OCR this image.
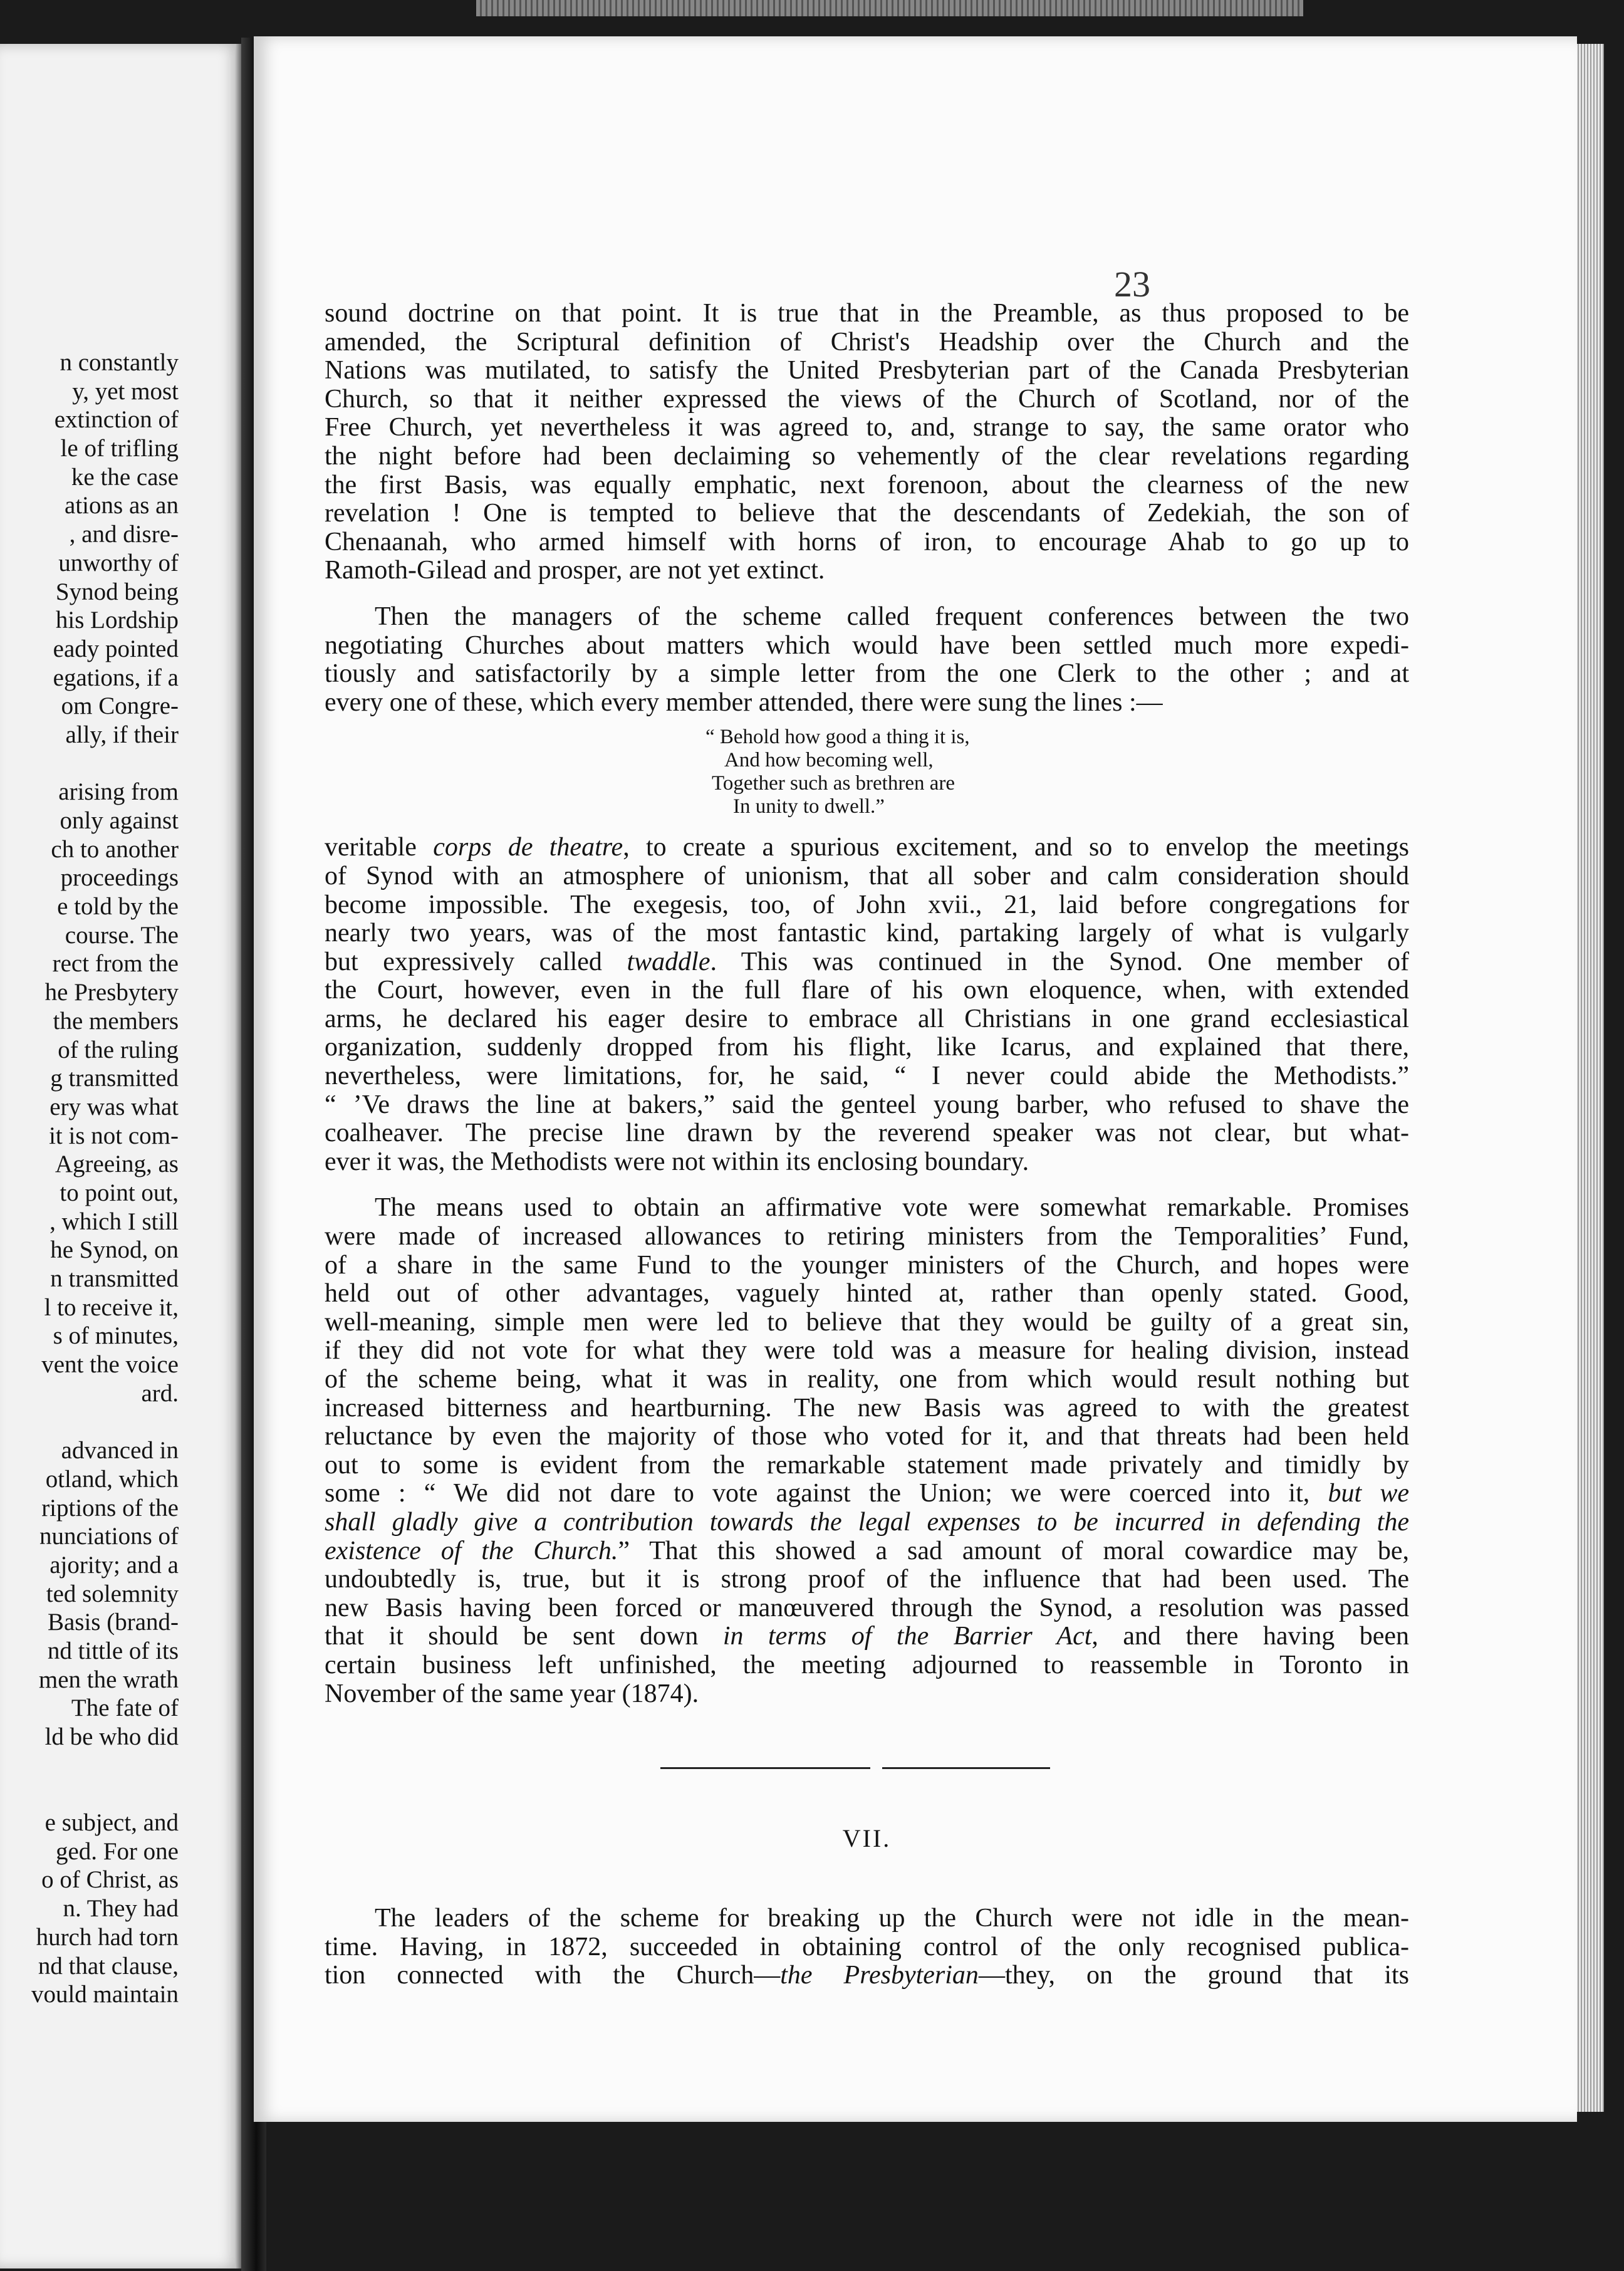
n constantly
y, yet most
extinction of
le of trifling
ke the case
ations as an
, and disre-
unworthy of
Synod being
his Lordship
eady pointed
egations, if a
om Congre-
ally, if their
arising from
only against
ch to another
proceedings
e told by the
course. The
rect from the
he Presbytery
the members
of the ruling
g transmitted
ery was what
it is not com-
Agreeing, as
to point out,
, which I still
he Synod, on
n transmitted
l to receive it,
s of minutes,
vent the voice
ard.
advanced in
otland, which
riptions of the
nunciations of
ajority; and a
ted solemnity
Basis (brand-
nd tittle of its
men the wrath
The fate of
ld be who did
e subject, and
ged. For one
o of Christ, as
n. They had
hurch had torn
nd that clause,
vould maintain
23
sound doctrine on that point. It is true that in the Preamble, as thus proposed to be
amended, the Scriptural definition of Christ's Headship over the Church and the
Nations was mutilated, to satisfy the United Presbyterian part of the Canada Presbyterian
Church, so that it neither expressed the views of the Church of Scotland, nor of the
Free Church, yet nevertheless it was agreed to, and, strange to say, the same orator who
the night before had been declaiming so vehemently of the clear revelations regarding
the first Basis, was equally emphatic, next forenoon, about the clearness of the new
revelation ! One is tempted to believe that the descendants of Zedekiah, the son of
Chenaanah, who armed himself with horns of iron, to encourage Ahab to go up to
Ramoth-Gilead and prosper, are not yet extinct.
Then the managers of the scheme called frequent conferences between the two
negotiating Churches about matters which would have been settled much more expedi-
tiously and satisfactorily by a simple letter from the one Clerk to the other ; and at
every one of these, which every member attended, there were sung the lines :—
“ Behold how good a thing it is,
And how becoming well,
Together such as brethren are
In unity to dwell.”
veritable corps de theatre, to create a spurious excitement, and so to envelop the meetings
of Synod with an atmosphere of unionism, that all sober and calm consideration should
become impossible. The exegesis, too, of John xvii., 21, laid before congregations for
nearly two years, was of the most fantastic kind, partaking largely of what is vulgarly
but expressively called twaddle. This was continued in the Synod. One member of
the Court, however, even in the full flare of his own eloquence, when, with extended
arms, he declared his eager desire to embrace all Christians in one grand ecclesiastical
organization, suddenly dropped from his flight, like Icarus, and explained that there,
nevertheless, were limitations, for, he said, “ I never could abide the Methodists.”
“ ’Ve draws the line at bakers,” said the genteel young barber, who refused to shave the
coalheaver. The precise line drawn by the reverend speaker was not clear, but what-
ever it was, the Methodists were not within its enclosing boundary.
The means used to obtain an affirmative vote were somewhat remarkable. Promises
were made of increased allowances to retiring ministers from the Temporalities’ Fund,
of a share in the same Fund to the younger ministers of the Church, and hopes were
held out of other advantages, vaguely hinted at, rather than openly stated. Good,
well-meaning, simple men were led to believe that they would be guilty of a great sin,
if they did not vote for what they were told was a measure for healing division, instead
of the scheme being, what it was in reality, one from which would result nothing but
increased bitterness and heartburning. The new Basis was agreed to with the greatest
reluctance by even the majority of those who voted for it, and that threats had been held
out to some is evident from the remarkable statement made privately and timidly by
some : “ We did not dare to vote against the Union; we were coerced into it, but we
shall gladly give a contribution towards the legal expenses to be incurred in defending the
existence of the Church.” That this showed a sad amount of moral cowardice may be,
undoubtedly is, true, but it is strong proof of the influence that had been used. The
new Basis having been forced or manœuvered through the Synod, a resolution was passed
that it should be sent down in terms of the Barrier Act, and there having been
certain business left unfinished, the meeting adjourned to reassemble in Toronto in
November of the same year (1874).
VII.
The leaders of the scheme for breaking up the Church were not idle in the mean-
time. Having, in 1872, succeeded in obtaining control of the only recognised publica-
tion connected with the Church—the Presbyterian—they, on the ground that its
